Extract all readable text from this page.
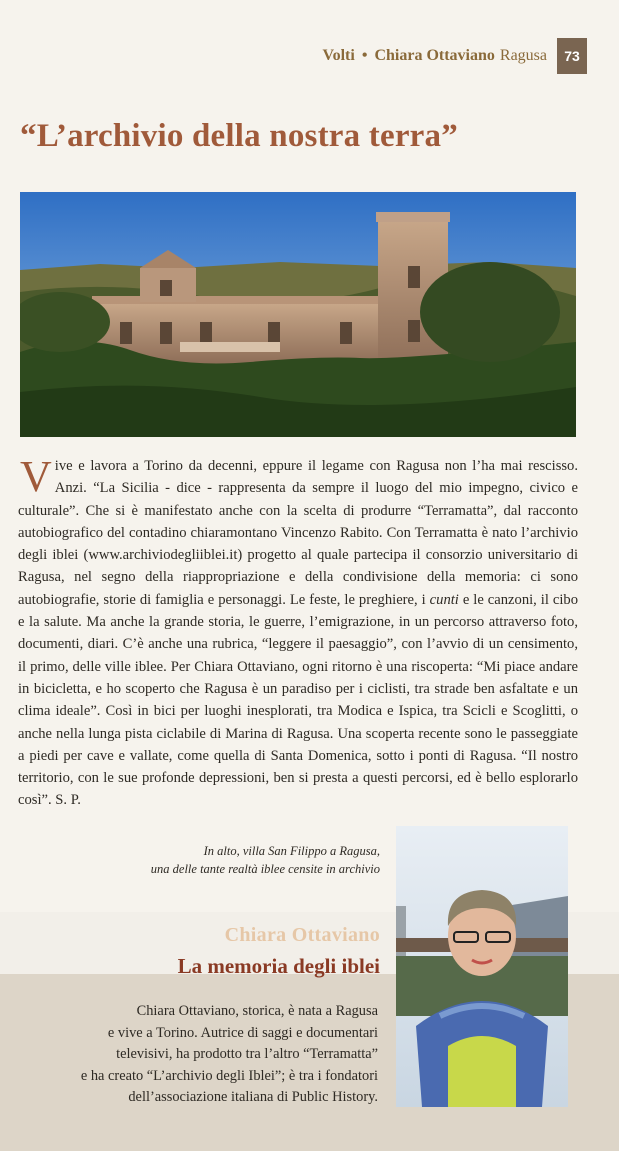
Volti • Chiara Ottaviano Ragusa	73
“L’archivio della nostra terra”
Vive e lavora a Torino da decenni, eppure il legame con Ragusa non l’ha mai rescisso. Anzi. “La Sicilia - dice - rappresenta da sempre il luogo del mio impegno, civico e culturale”. Che si è manifestato anche con la scelta di produrre “Terramatta”, dal racconto autobiografico del contadino chiaramontano Vincenzo Rabito. Con Terramatta è nato l’archivio degli iblei (www.archiviodegliiblei.it) progetto al quale partecipa il consorzio universitario di Ragusa, nel segno della riappropriazione e della condivisione della memoria: ci sono autobiografie, storie di famiglia e personaggi. Le feste, le preghiere, i cunti e le canzoni, il cibo e la salute. Ma anche la grande storia, le guerre, l’emigrazione, in un percorso attraverso foto, documenti, diari. C’è anche una rubrica, “leggere il paesaggio”, con l’avvio di un censimento, il primo, delle ville iblee. Per Chiara Ottaviano, ogni ritorno è una riscoperta: “Mi piace andare in bicicletta, e ho scoperto che Ragusa è un paradiso per i ciclisti, tra strade ben asfaltate e un clima ideale”. Così in bici per luoghi inesplorati, tra Modica e Ispica, tra Scicli e Scoglitti, o anche nella lunga pista ciclabile di Marina di Ragusa. Una scoperta recente sono le passeggiate a piedi per cave e vallate, come quella di Santa Domenica, sotto i ponti di Ragusa. “Il nostro territorio, con le sue profonde depressioni, ben si presta a questi percorsi, ed è bello esplorarlo così”. S. P.
In alto, villa San Filippo a Ragusa,
una delle tante realtà iblee censite in archivio
Chiara Ottaviano
La memoria degli iblei
Chiara Ottaviano, storica, è nata a Ragusa
e vive a Torino. Autrice di saggi e documentari
televisivi, ha prodotto tra l’altro “Terramatta”
e ha creato “L’archivio degli Iblei”; è tra i fondatori
dell’associazione italiana di Public History.
